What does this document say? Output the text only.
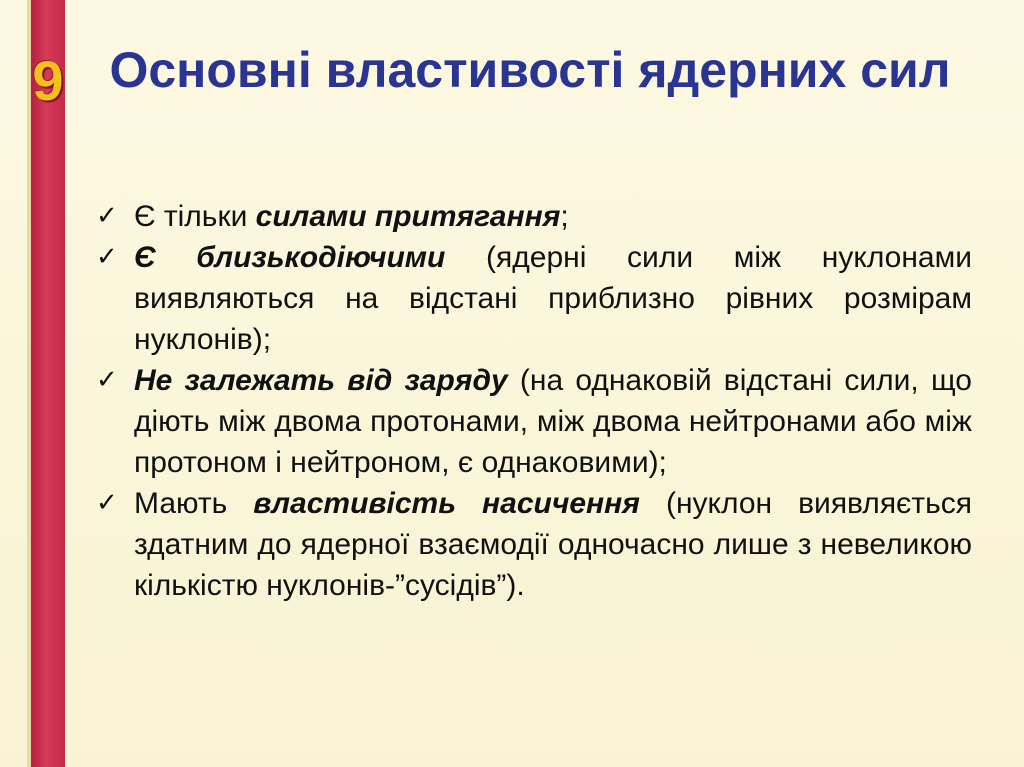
9 Основні властивості ядерних сил
✓ Є тільки силами притягання;
✓ Є близькодіючими (ядерні сили між нуклонами виявляються на відстані приблизно рівних розмірам нуклонів);
✓ Не залежать від заряду (на однаковій відстані сили, що діють між двома протонами, між двома нейтронами або між протоном і нейтроном, є однаковими);
✓ Мають властивість насичення (нуклон виявляється здатним до ядерної взаємодії одночасно лише з невеликою кількістю нуклонів-”сусідів”).
